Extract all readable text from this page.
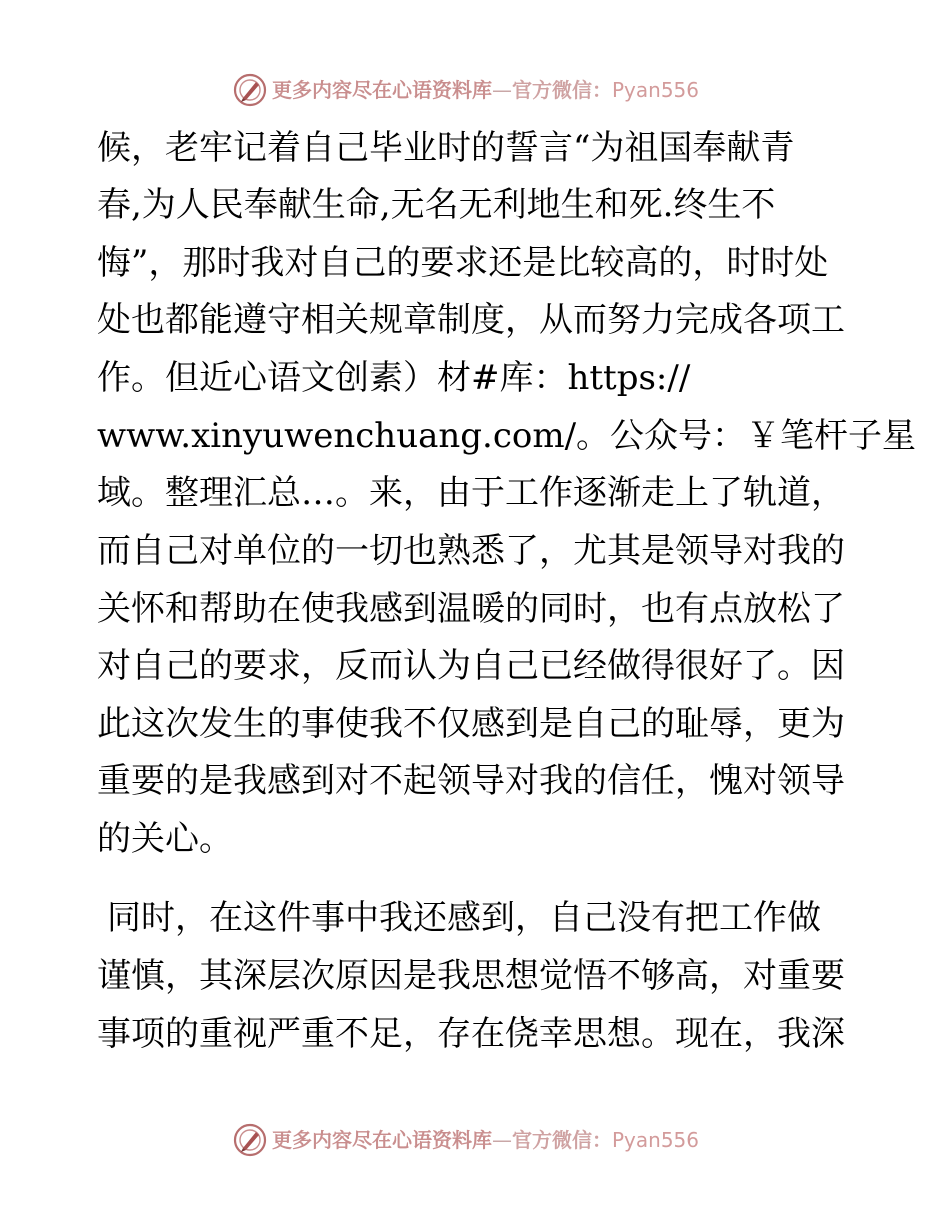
更多内容尽在心语资料库—官方微信：Pyan556
候，老牢记着自己毕业时的誓言“为祖国奉献青
春,为人民奉献生命,无名无利地生和死.终生不
悔”，那时我对自己的要求还是比较高的，时时处
处也都能遵守相关规章制度，从而努力完成各项工
作。但近心语文创素）材#库：https://
www.xinyuwenchuang.com/。公众号：￥笔杆子星
域。整理汇总…。来，由于工作逐渐走上了轨道，
而自己对单位的一切也熟悉了，尤其是领导对我的
关怀和帮助在使我感到温暖的同时，也有点放松了
对自己的要求，反而认为自己已经做得很好了。因
此这次发生的事使我不仅感到是自己的耻辱，更为
重要的是我感到对不起领导对我的信任，愧对领导
的关心。
同时，在这件事中我还感到，自己没有把工作做
谨慎，其深层次原因是我思想觉悟不够高，对重要
事项的重视严重不足，存在侥幸思想。现在，我深
更多内容尽在心语资料库—官方微信：Pyan556
